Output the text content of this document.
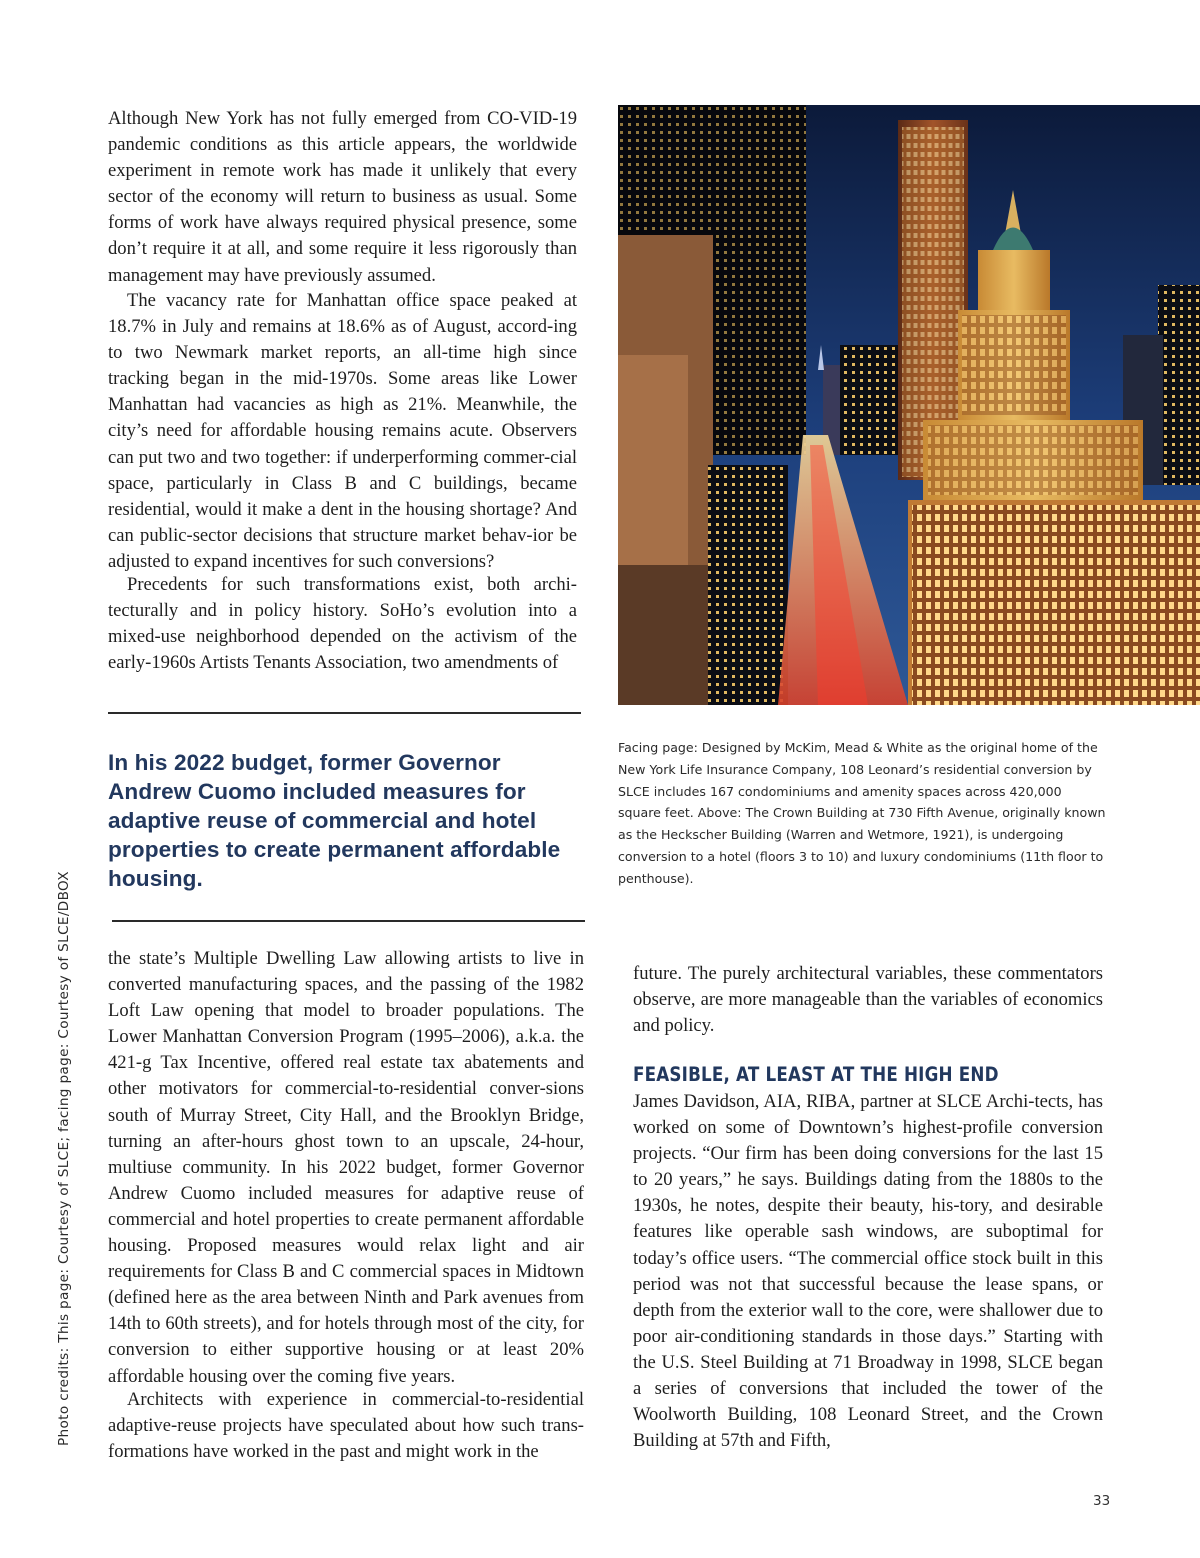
Although New York has not fully emerged from CO-VID-19 pandemic conditions as this article appears, the worldwide experiment in remote work has made it unlikely that every sector of the economy will return to business as usual. Some forms of work have always required physical presence, some don’t require it at all, and some require it less rigorously than management may have previously assumed.

The vacancy rate for Manhattan office space peaked at 18.7% in July and remains at 18.6% as of August, accord-ing to two Newmark market reports, an all-time high since tracking began in the mid-1970s. Some areas like Lower Manhattan had vacancies as high as 21%. Meanwhile, the city’s need for affordable housing remains acute. Observers can put two and two together: if underperforming commer-cial space, particularly in Class B and C buildings, became residential, would it make a dent in the housing shortage? And can public-sector decisions that structure market behav-ior be adjusted to expand incentives for such conversions?

Precedents for such transformations exist, both archi-tecturally and in policy history. SoHo’s evolution into a mixed-use neighborhood depended on the activism of the early-1960s Artists Tenants Association, two amendments of

In his 2022 budget, former Governor Andrew Cuomo included measures for adaptive reuse of commercial and hotel properties to create permanent affordable housing.

Facing page: Designed by McKim, Mead & White as the original home of the New York Life Insurance Company, 108 Leonard’s residential conversion by SLCE includes 167 condominiums and amenity spaces across 420,000 square feet. Above: The Crown Building at 730 Fifth Avenue, originally known as the Heckscher Building (Warren and Wetmore, 1921), is undergoing conversion to a hotel (floors 3 to 10) and luxury condominiums (11th floor to penthouse).

the state’s Multiple Dwelling Law allowing artists to live in converted manufacturing spaces, and the passing of the 1982 Loft Law opening that model to broader populations. The Lower Manhattan Conversion Program (1995–2006), a.k.a. the 421-g Tax Incentive, offered real estate tax abatements and other motivators for commercial-to-residential conver-sions south of Murray Street, City Hall, and the Brooklyn Bridge, turning an after-hours ghost town to an upscale, 24-hour, multiuse community. In his 2022 budget, former Governor Andrew Cuomo included measures for adaptive reuse of commercial and hotel properties to create permanent affordable housing. Proposed measures would relax light and air requirements for Class B and C commercial spaces in Midtown (defined here as the area between Ninth and Park avenues from 14th to 60th streets), and for hotels through most of the city, for conversion to either supportive housing or at least 20% affordable housing over the coming five years.

Architects with experience in commercial-to-residential adaptive-reuse projects have speculated about how such trans-formations have worked in the past and might work in the

future. The purely architectural variables, these commentators observe, are more manageable than the variables of economics and policy.

FEASIBLE, AT LEAST AT THE HIGH END

James Davidson, AIA, RIBA, partner at SLCE Archi-tects, has worked on some of Downtown’s highest-profile conversion projects. “Our firm has been doing conversions for the last 15 to 20 years,” he says. Buildings dating from the 1880s to the 1930s, he notes, despite their beauty, his-tory, and desirable features like operable sash windows, are suboptimal for today’s office users. “The commercial office stock built in this period was not that successful because the lease spans, or depth from the exterior wall to the core, were shallower due to poor air-conditioning standards in those days.” Starting with the U.S. Steel Building at 71 Broadway in 1998, SLCE began a series of conversions that included the tower of the Woolworth Building, 108 Leonard Street, and the Crown Building at 57th and Fifth,

Photo credits: This page: Courtesy of SLCE; facing page: Courtesy of SLCE/DBOX

33
